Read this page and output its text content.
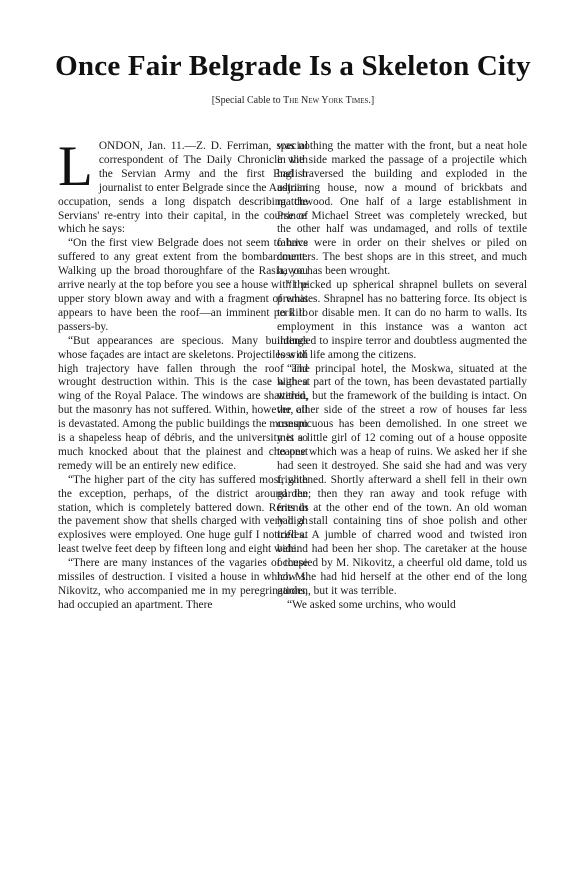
Once Fair Belgrade Is a Skeleton City
[Special Cable to The New York Times.]

LONDON, Jan. 11.—Z. D. Ferriman, special correspondent of The Daily Chronicle with the Servian Army and the first English journalist to enter Belgrade since the Austrian occupation, sends a long dispatch describing the Servians' re-entry into their capital, in the course of which he says:

“On the first view Belgrade does not seem to have suffered to any great extent from the bombardment. Walking up the broad thoroughfare of the Rasia, you arrive nearly at the top before you see a house with the upper story blown away and with a fragment of what appears to have been the roof—an imminent peril to passers-by.

“But appearances are specious. Many buildings whose façades are intact are skeletons. Projectiles with high trajectory have fallen through the roof and wrought destruction within. This is the case with a wing of the Royal Palace. The windows are shattered, but the masonry has not suffered. Within, however, all is devastated. Among the public buildings the museum is a shapeless heap of débris, and the university is so much knocked about that the plainest and cheapest remedy will be an entirely new edifice.

“The higher part of the city has suffered most, with the exception, perhaps, of the district around the station, which is completely battered down. Rents in the pavement show that shells charged with very high explosives were employed. One huge gulf I noticed at least twelve feet deep by fifteen long and eight wide.

“There are many instances of the vagaries of these missiles of destruction. I visited a house in which M. Nikovitz, who accompanied me in my peregrinations, had occupied an apartment. There

was nothing the matter with the front, but a neat hole in the side marked the passage of a projectile which had traversed the building and exploded in the adjoining house, now a mound of brickbats and matchwood. One half of a large establishment in Prince Michael Street was completely wrecked, but the other half was undamaged, and rolls of textile fabrics were in order on their shelves or piled on counters. The best shops are in this street, and much havoc has been wrought.

“I picked up spherical shrapnel bullets on several premises. Shrapnel has no battering force. Its object is to kill or disable men. It can do no harm to walls. Its employment in this instance was a wanton act intended to inspire terror and doubtless augmented the loss of life among the citizens.

“The principal hotel, the Moskwa, situated at the highest part of the town, has been devastated partially within, but the framework of the building is intact. On the other side of the street a row of houses far less conspicuous has been demolished. In one street we met a little girl of 12 coming out of a house opposite to one which was a heap of ruins. We asked her if she had seen it destroyed. She said she had and was very frightened. Shortly afterward a shell fell in their own garden; then they ran away and took refuge with friends at the other end of the town. An old woman had a stall containing tins of shoe polish and other trifles. A jumble of charred wood and twisted iron behind had been her shop. The caretaker at the house occupied by M. Nikovitz, a cheerful old dame, told us how she had hid herself at the other end of the long garden, but it was terrible.

“We asked some urchins, who would
